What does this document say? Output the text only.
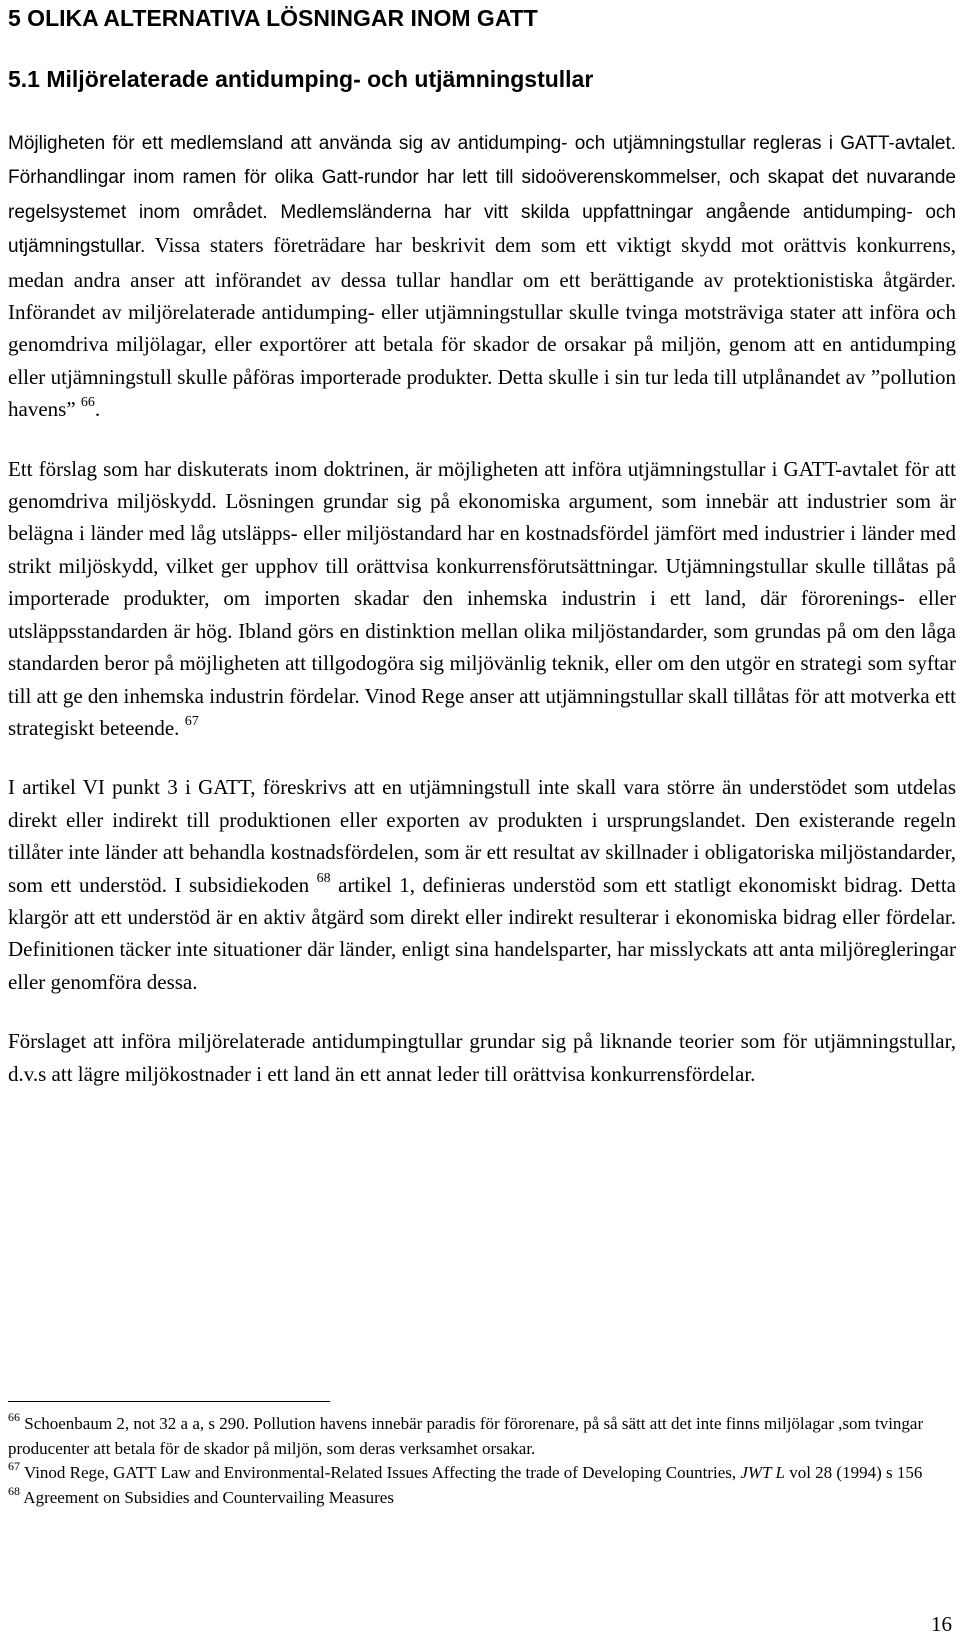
5 OLIKA ALTERNATIVA LÖSNINGAR INOM GATT
5.1 Miljörelaterade antidumping- och utjämningstullar

Möjligheten för ett medlemsland att använda sig av antidumping- och utjämningstullar regleras i GATT-avtalet. Förhandlingar inom ramen för olika Gatt-rundor har lett till sidoöverenskommelser, och skapat det nuvarande regelsystemet inom området. Medlemsländerna har vitt skilda uppfattningar angående antidumping- och utjämningstullar. Vissa staters företrädare har beskrivit dem som ett viktigt skydd mot orättvis konkurrens, medan andra anser att införandet av dessa tullar handlar om ett berättigande av protektionistiska åtgärder. Införandet av miljörelaterade antidumping- eller utjämningstullar skulle tvinga motsträviga stater att införa och genomdriva miljölagar, eller exportörer att betala för skador de orsakar på miljön, genom att en antidumping eller utjämningstull skulle påföras importerade produkter. Detta skulle i sin tur leda till utplånandet av ”pollution havens” $^{66}$.

Ett förslag som har diskuterats inom doktrinen, är möjligheten att införa utjämningstullar i GATT-avtalet för att genomdriva miljöskydd. Lösningen grundar sig på ekonomiska argument, som innebär att industrier som är belägna i länder med låg utsläpps- eller miljöstandard har en kostnadsfördel jämfört med industrier i länder med strikt miljöskydd, vilket ger upphov till orättvisa konkurrensförutsättningar. Utjämningstullar skulle tillåtas på importerade produkter, om importen skadar den inhemska industrin i ett land, där förorenings- eller utsläppsstandarden är hög. Ibland görs en distinktion mellan olika miljöstandarder, som grundas på om den låga standarden beror på möjligheten att tillgodogöra sig miljövänlig teknik, eller om den utgör en strategi som syftar till att ge den inhemska industrin fördelar. Vinod Rege anser att utjämningstullar skall tillåtas för att motverka ett strategiskt beteende. $^{67}$

I artikel VI punkt 3 i GATT, föreskrivs att en utjämningstull inte skall vara större än understödet som utdelas direkt eller indirekt till produktionen eller exporten av produkten i ursprungslandet. Den existerande regeln tillåter inte länder att behandla kostnadsfördelen, som är ett resultat av skillnader i obligatoriska miljöstandarder, som ett understöd. I subsidiekoden $^{68}$ artikel 1, definieras understöd som ett statligt ekonomiskt bidrag. Detta klargör att ett understöd är en aktiv åtgärd som direkt eller indirekt resulterar i ekonomiska bidrag eller fördelar. Definitionen täcker inte situationer där länder, enligt sina handelsparter, har misslyckats att anta miljöregleringar eller genomföra dessa.

Förslaget att införa miljörelaterade antidumpingtullar grundar sig på liknande teorier som för utjämningstullar, d.v.s att lägre miljökostnader i ett land än ett annat leder till orättvisa konkurrensfördelar.

$^{66}$ Schoenbaum 2, not 32 a a, s 290. Pollution havens innebär paradis för förorenare, på så sätt att det inte finns miljölagar ,som tvingar producenter att betala för de skador på miljön, som deras verksamhet orsakar.

$^{67}$ Vinod Rege, GATT Law and Environmental-Related Issues Affecting the trade of Developing Countries, JWT L vol 28 (1994) s 156

$^{68}$ Agreement on Subsidies and Countervailing Measures

16
